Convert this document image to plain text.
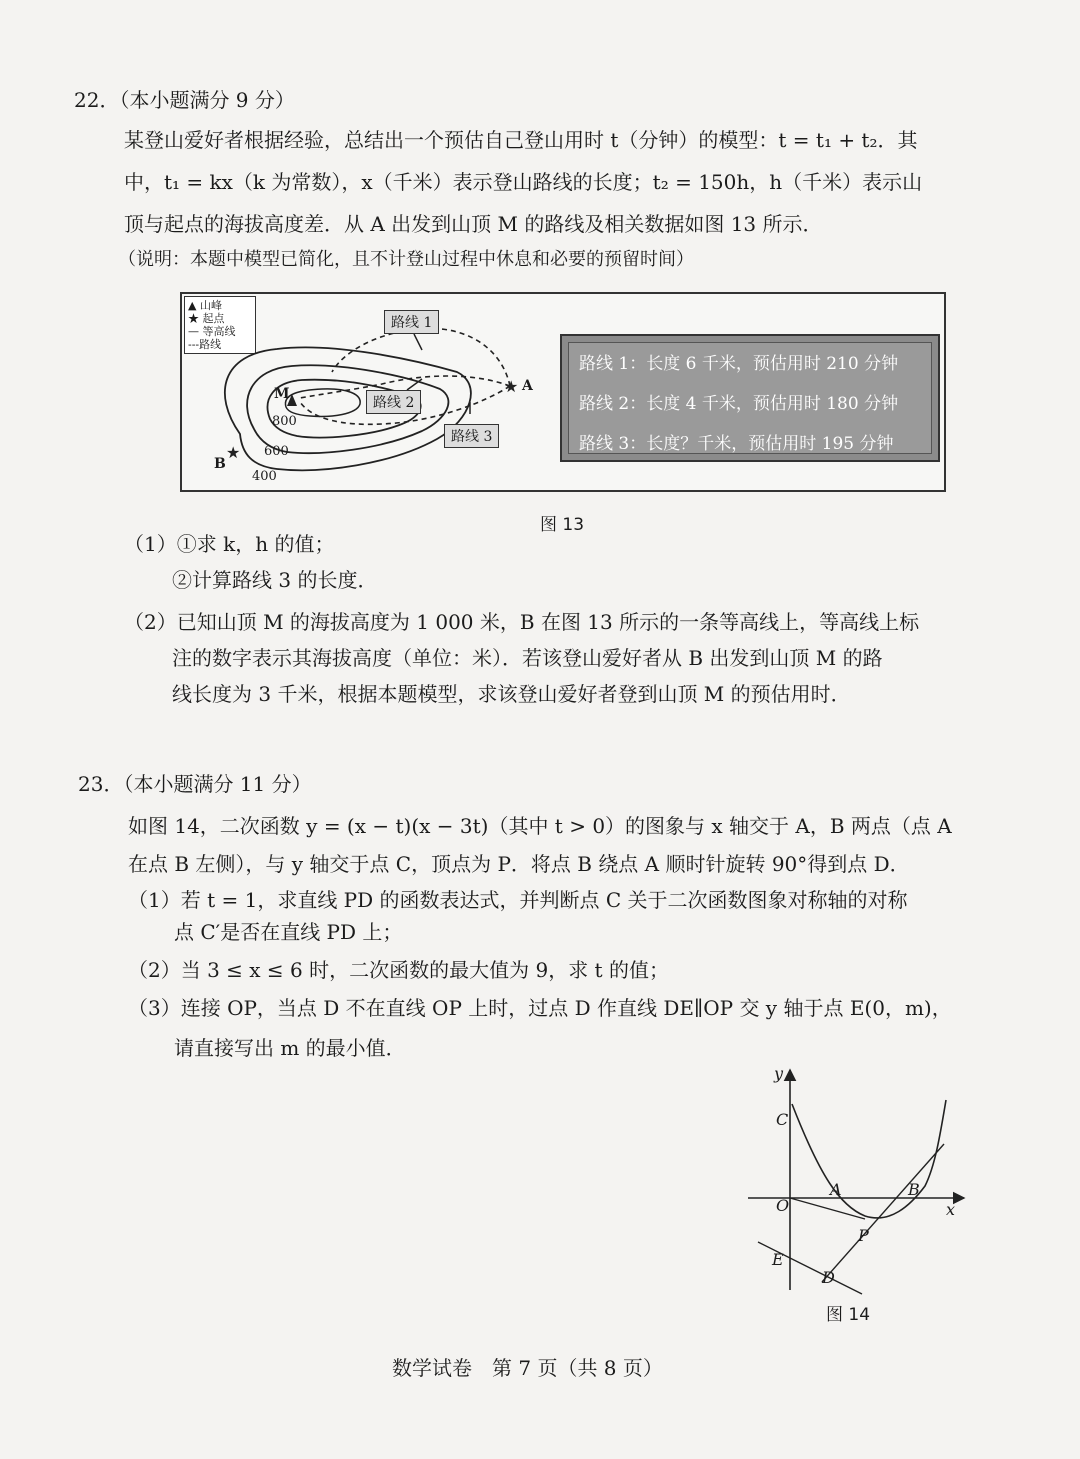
22．（本小题满分 9 分）
某登山爱好者根据经验，总结出一个预估自己登山用时 t（分钟）的模型：t = t₁ + t₂．其
中，t₁ = kx（k 为常数），x（千米）表示登山路线的长度；t₂ = 150h，h（千米）表示山
顶与起点的海拔高度差．从 A 出发到山顶 M 的路线及相关数据如图 13 所示．
（说明：本题中模型已简化，且不计登山过程中休息和必要的预留时间）
▲ 山峰
★ 起点
— 等高线
---路线
★
★
M	A
B
800
600
400
路线 1
路线 2
路线 3
路线 1：长度 6 千米，预估用时 210 分钟
路线 2：长度 4 千米，预估用时 180 分钟
路线 3：长度？千米，预估用时 195 分钟
图 13
（1）①求 k，h 的值；
②计算路线 3 的长度．
（2）已知山顶 M 的海拔高度为 1 000 米，B 在图 13 所示的一条等高线上，等高线上标
注的数字表示其海拔高度（单位：米）．若该登山爱好者从 B 出发到山顶 M 的路
线长度为 3 千米，根据本题模型，求该登山爱好者登到山顶 M 的预估用时．
23．（本小题满分 11 分）
如图 14，二次函数 y = (x − t)(x − 3t)（其中 t > 0）的图象与 x 轴交于 A，B 两点（点 A
在点 B 左侧），与 y 轴交于点 C，顶点为 P．将点 B 绕点 A 顺时针旋转 90°得到点 D．
（1）若 t = 1，求直线 PD 的函数表达式，并判断点 C 关于二次函数图象对称轴的对称
点 C′是否在直线 PD 上；
（2）当 3 ≤ x ≤ 6 时，二次函数的最大值为 9，求 t 的值；
（3）连接 OP，当点 D 不在直线 OP 上时，过点 D 作直线 DE∥OP 交 y 轴于点 E(0，m)，
请直接写出 m 的最小值．
y
x
O
C
A	B
P
E
D
图 14
数学试卷　第 7 页（共 8 页）
